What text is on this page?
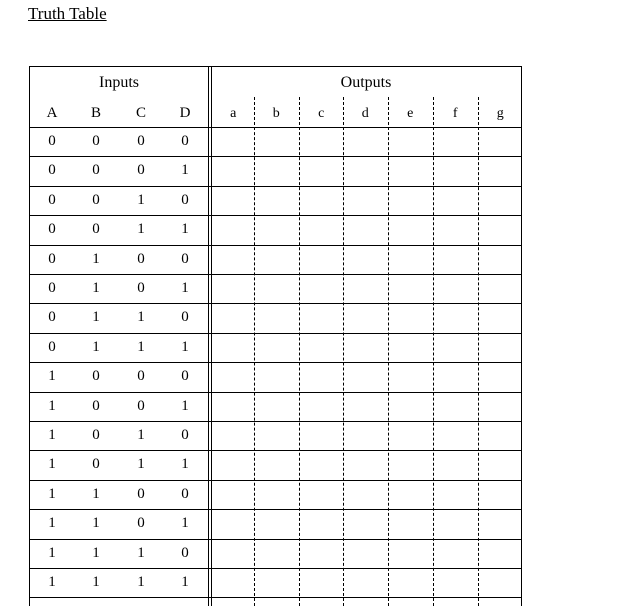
Truth Table
Inputs	Outputs
A	B	C	D	a	b	c	d	e	f	g
0	0	0	0
0	0	0	1
0	0	1	0
0	0	1	1
0	1	0	0
0	1	0	1
0	1	1	0
0	1	1	1
1	0	0	0
1	0	0	1
1	0	1	0
1	0	1	1
1	1	0	0
1	1	0	1
1	1	1	0
1	1	1	1
